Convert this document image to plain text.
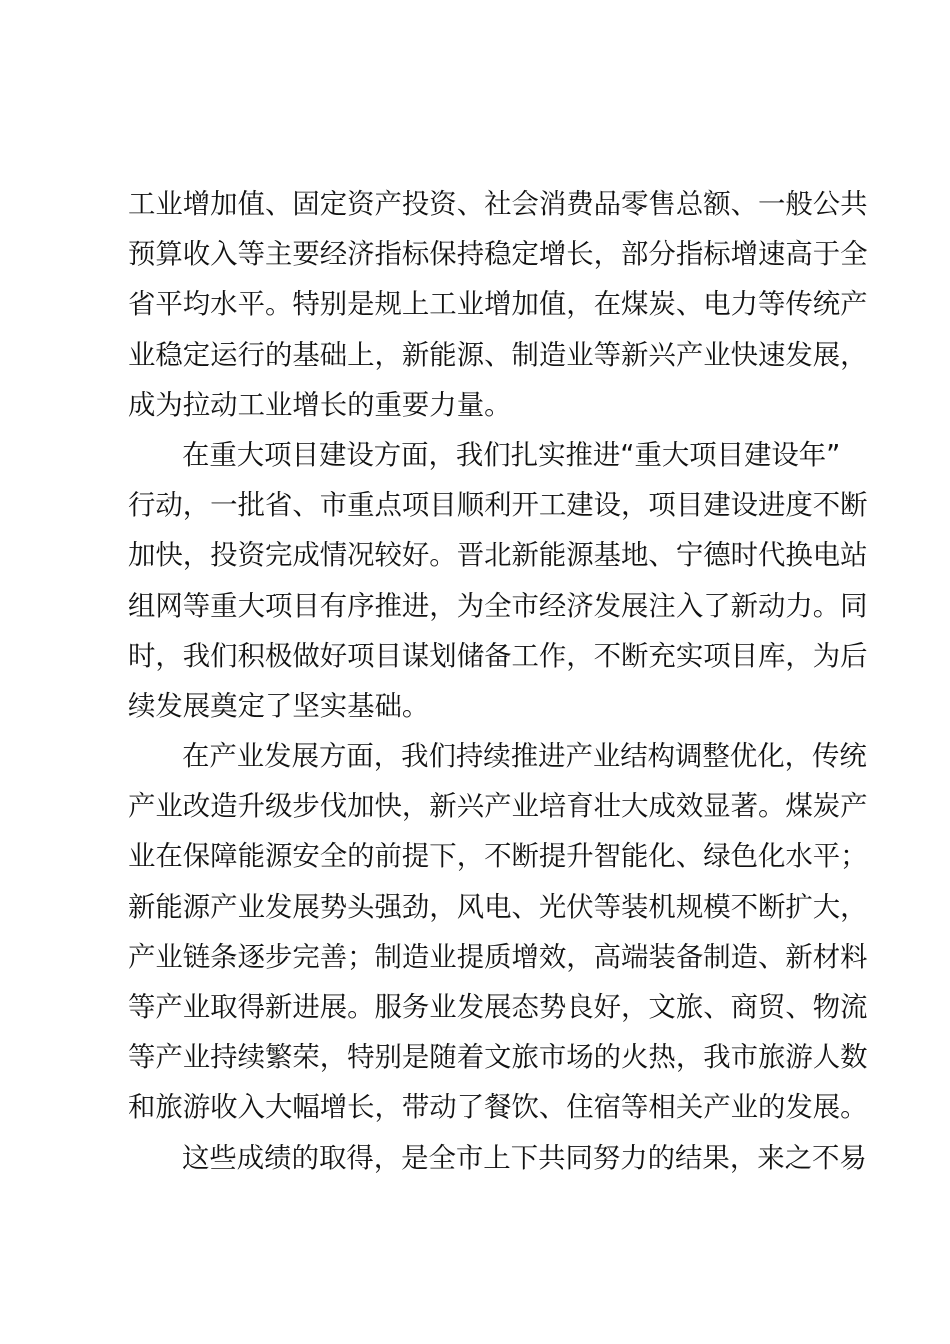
工业增加值、固定资产投资、社会消费品零售总额、一般公共
预算收入等主要经济指标保持稳定增长，部分指标增速高于全
省平均水平。特别是规上工业增加值，在煤炭、电力等传统产
业稳定运行的基础上，新能源、制造业等新兴产业快速发展，
成为拉动工业增长的重要力量。
在重大项目建设方面，我们扎实推进“重大项目建设年”
行动，一批省、市重点项目顺利开工建设，项目建设进度不断
加快，投资完成情况较好。晋北新能源基地、宁德时代换电站
组网等重大项目有序推进，为全市经济发展注入了新动力。同
时，我们积极做好项目谋划储备工作，不断充实项目库，为后
续发展奠定了坚实基础。
在产业发展方面，我们持续推进产业结构调整优化，传统
产业改造升级步伐加快，新兴产业培育壮大成效显著。煤炭产
业在保障能源安全的前提下，不断提升智能化、绿色化水平；
新能源产业发展势头强劲，风电、光伏等装机规模不断扩大，
产业链条逐步完善；制造业提质增效，高端装备制造、新材料
等产业取得新进展。服务业发展态势良好，文旅、商贸、物流
等产业持续繁荣，特别是随着文旅市场的火热，我市旅游人数
和旅游收入大幅增长，带动了餐饮、住宿等相关产业的发展。
这些成绩的取得，是全市上下共同努力的结果，来之不易
